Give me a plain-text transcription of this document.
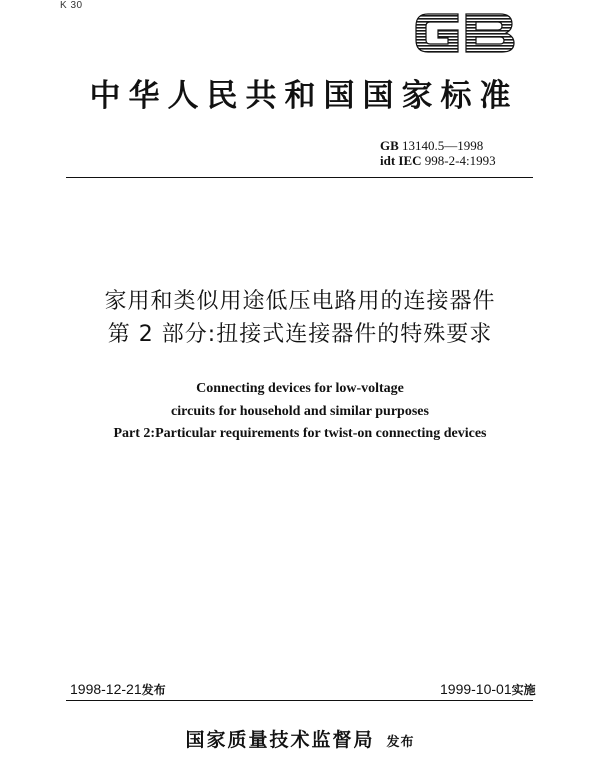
K 30
中华人民共和国国家标准
GB 13140.5—1998
idt IEC 998-2-4:1993
家用和类似用途低压电路用的连接器件
第 2 部分:扭接式连接器件的特殊要求
Connecting devices for low-voltage
circuits for household and similar purposes
Part 2:Particular requirements for twist-on connecting devices
1998-12-21发布	1999-10-01实施
国家质量技术监督局 发布
